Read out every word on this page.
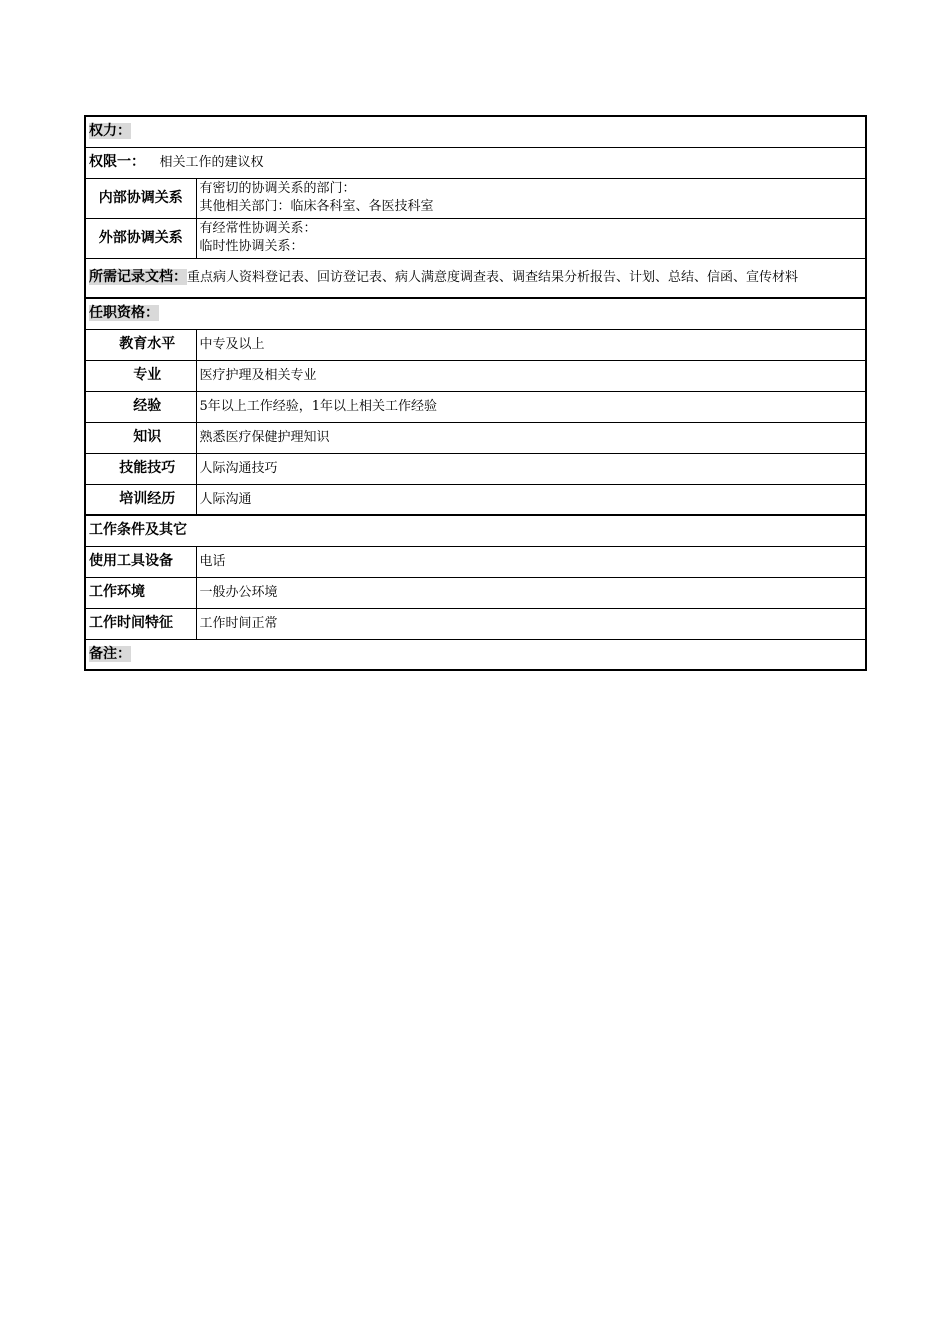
权力：	
权限一： 相关工作的建议权	
内部协调关系	有密切的协调关系的部门：
其他相关部门：临床各科室、各医技科室

外部协调关系	有经常性协调关系：
临时性协调关系：

所需记录文档：重点病人资料登记表、回访登记表、病人满意度调查表、调查结果分析报告、计划、总结、信函、宣传材料	
任职资格：	
教育水平	中专及以上
专业	医疗护理及相关专业
经验	5年以上工作经验，1年以上相关工作经验
知识	熟悉医疗保健护理知识
技能技巧	人际沟通技巧
培训经历	人际沟通
工作条件及其它	
使用工具设备	电话
工作环境	一般办公环境
工作时间特征	工作时间正常
备注：	
